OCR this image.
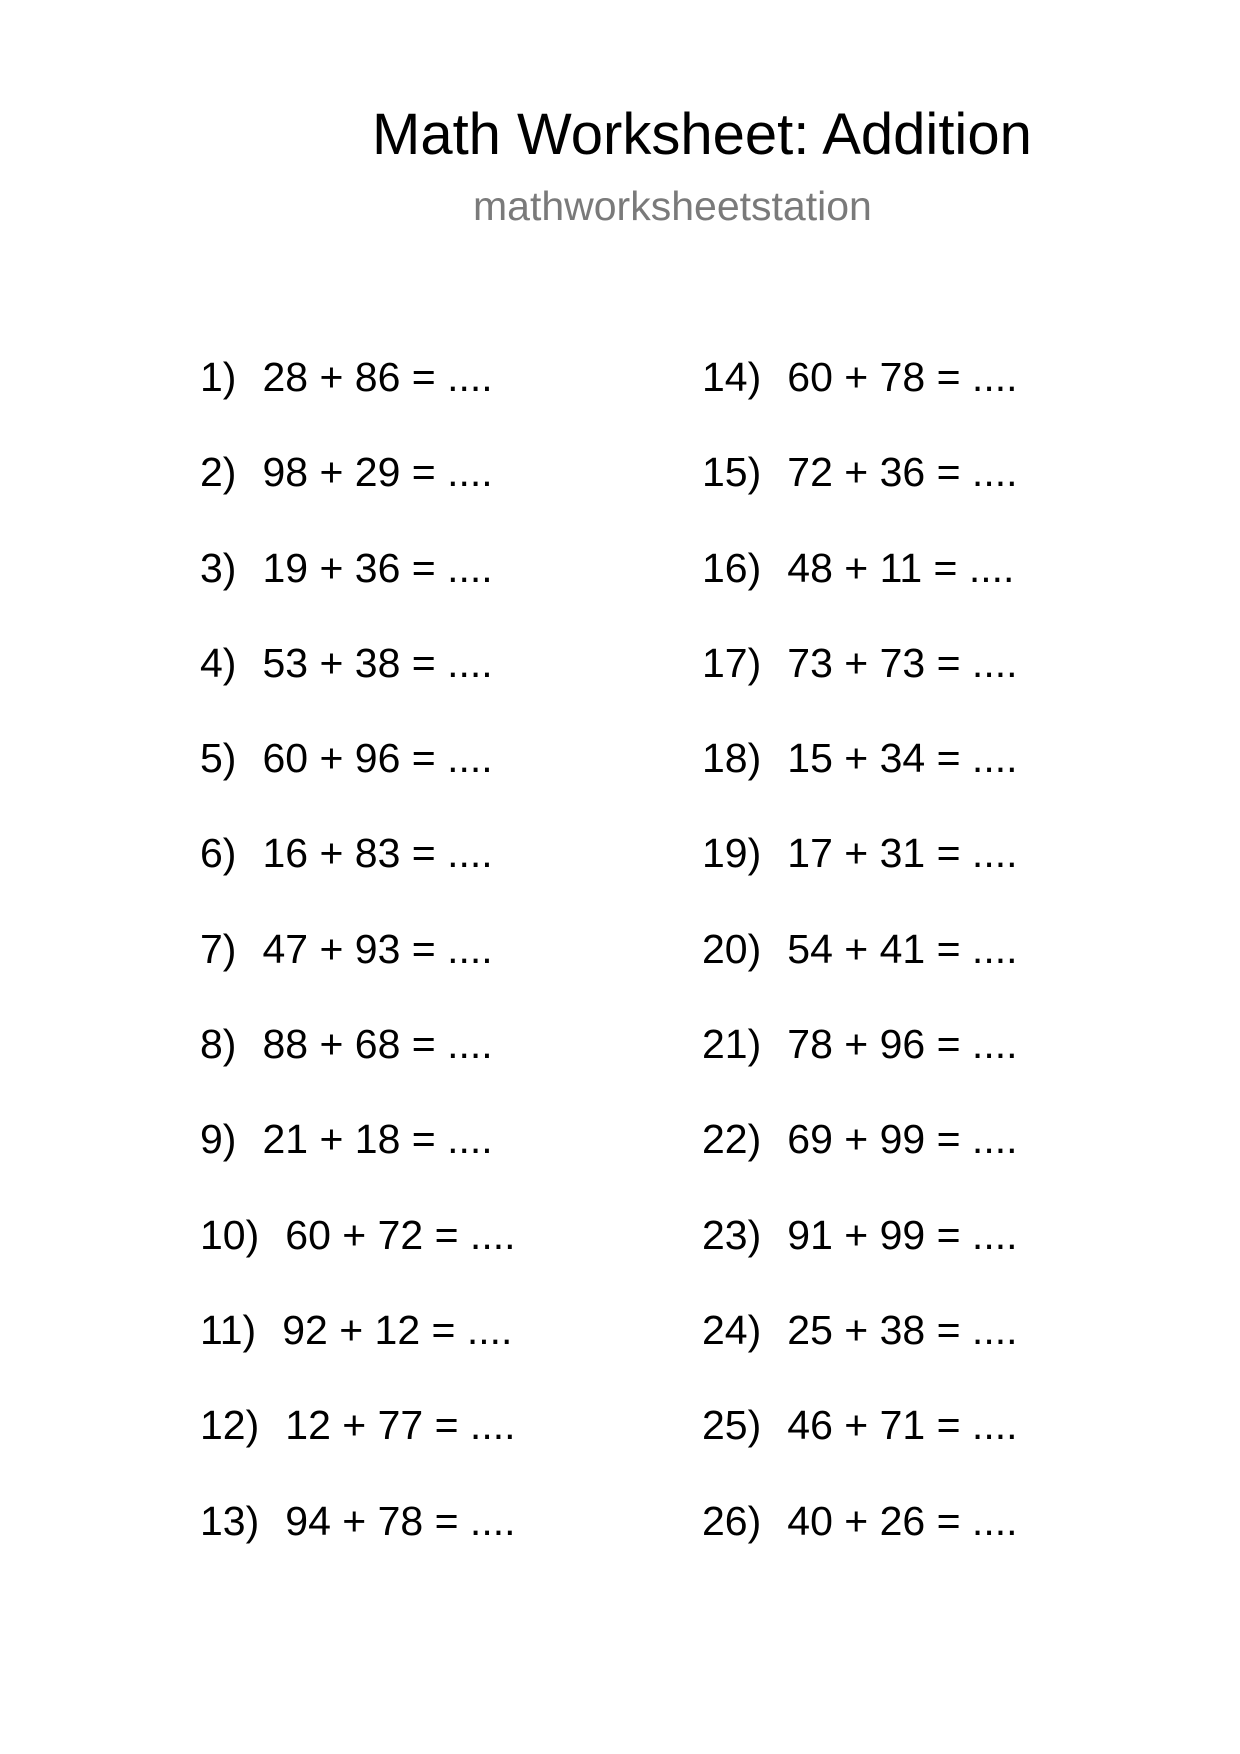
Math Worksheet: Addition
mathworksheetstation
1) 28 + 86 = ....
2) 98 + 29 = ....
3) 19 + 36 = ....
4) 53 + 38 = ....
5) 60 + 96 = ....
6) 16 + 83 = ....
7) 47 + 93 = ....
8) 88 + 68 = ....
9) 21 + 18 = ....
10) 60 + 72 = ....
11) 92 + 12 = ....
12) 12 + 77 = ....
13) 94 + 78 = ....
14) 60 + 78 = ....
15) 72 + 36 = ....
16) 48 + 11 = ....
17) 73 + 73 = ....
18) 15 + 34 = ....
19) 17 + 31 = ....
20) 54 + 41 = ....
21) 78 + 96 = ....
22) 69 + 99 = ....
23) 91 + 99 = ....
24) 25 + 38 = ....
25) 46 + 71 = ....
26) 40 + 26 = ....
